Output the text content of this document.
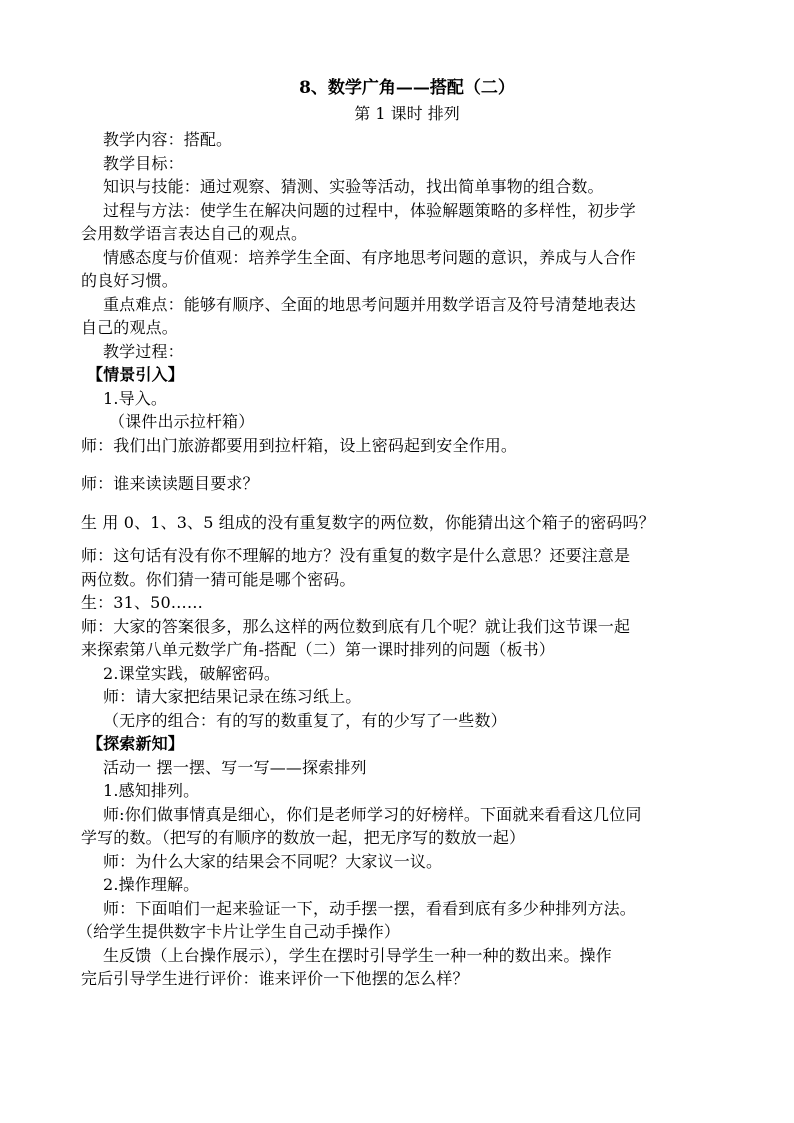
8、数学广角——搭配（二）
第 1 课时 排列

教学内容：搭配。

教学目标：

知识与技能：通过观察、猜测、实验等活动，找出简单事物的组合数。

过程与方法：使学生在解决问题的过程中，体验解题策略的多样性，初步学

会用数学语言表达自己的观点。

情感态度与价值观：培养学生全面、有序地思考问题的意识，养成与人合作

的良好习惯。

重点难点：能够有顺序、全面的地思考问题并用数学语言及符号清楚地表达

自己的观点。

教学过程：

【情景引入】

1.导入。

（课件出示拉杆箱）

师：我们出门旅游都要用到拉杆箱，设上密码起到安全作用。

师：谁来读读题目要求？

生 用 0、1、3、5 组成的没有重复数字的两位数，你能猜出这个箱子的密码吗？

师：这句话有没有你不理解的地方？没有重复的数字是什么意思？还要注意是

两位数。你们猜一猜可能是哪个密码。

生：31、50……

师：大家的答案很多，那么这样的两位数到底有几个呢？就让我们这节课一起

来探索第八单元数学广角-搭配（二）第一课时排列的问题（板书）

2.课堂实践，破解密码。

师：请大家把结果记录在练习纸上。

（无序的组合：有的写的数重复了，有的少写了一些数）

【探索新知】

活动一 摆一摆、写一写——探索排列

1.感知排列。

师:你们做事情真是细心，你们是老师学习的好榜样。下面就来看看这几位同

学写的数。（把写的有顺序的数放一起，把无序写的数放一起）

师：为什么大家的结果会不同呢？大家议一议。

2.操作理解。

师：下面咱们一起来验证一下，动手摆一摆，看看到底有多少种排列方法。

（给学生提供数字卡片让学生自己动手操作）

生反馈（上台操作展示），学生在摆时引导学生一种一种的数出来。操作

完后引导学生进行评价：谁来评价一下他摆的怎么样？
